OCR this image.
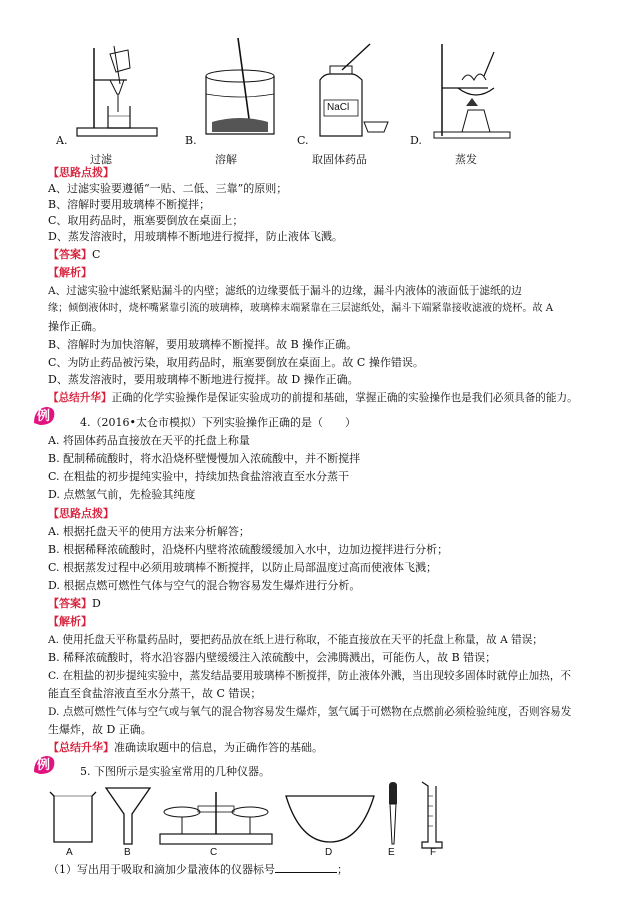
NaCl
A.	B.	C.	D.
过滤	溶解	取固体药品	蒸发
【思路点拨】
A、过滤实验要遵循“一贴、二低、三靠”的原则；
B、溶解时要用玻璃棒不断搅拌；
C、取用药品时，瓶塞要倒放在桌面上；
D、蒸发溶液时，用玻璃棒不断地进行搅拌，防止液体飞溅。
【答案】C
【解析】
A、过滤实验中滤纸紧贴漏斗的内壁；滤纸的边缘要低于漏斗的边缘，漏斗内液体的液面低于滤纸的边
缘；倾倒液体时，烧杯嘴紧靠引流的玻璃棒，玻璃棒末端紧靠在三层滤纸处，漏斗下端紧靠接收滤液的烧杯。故 A
操作正确。
B、溶解时为加快溶解，要用玻璃棒不断搅拌。故 B 操作正确。
C、为防止药品被污染，取用药品时，瓶塞要倒放在桌面上。故 C 操作错误。
D、蒸发溶液时，要用玻璃棒不断地进行搅拌。故 D 操作正确。
【总结升华】正确的化学实验操作是保证实验成功的前提和基础，掌握正确的实验操作也是我们必须具备的能力。
例	4.（2016•太仓市模拟）下列实验操作正确的是（　　）
A. 将固体药品直接放在天平的托盘上称量
B. 配制稀硫酸时，将水沿烧杯壁慢慢加入浓硫酸中，并不断搅拌
C. 在粗盐的初步提纯实验中，持续加热食盐溶液直至水分蒸干
D. 点燃氢气前，先检验其纯度
【思路点拨】
A. 根据托盘天平的使用方法来分析解答；
B. 根据稀释浓硫酸时，沿烧杯内壁将浓硫酸缓缓加入水中，边加边搅拌进行分析；
C. 根据蒸发过程中必须用玻璃棒不断搅拌，以防止局部温度过高而使液体飞溅；
D. 根据点燃可燃性气体与空气的混合物容易发生爆炸进行分析。
【答案】D
【解析】
A. 使用托盘天平称量药品时，要把药品放在纸上进行称取，不能直接放在天平的托盘上称量，故 A 错误；
B. 稀释浓硫酸时，将水沿容器内壁缓缓注入浓硫酸中，会沸腾溅出，可能伤人，故 B 错误；
C. 在粗盐的初步提纯实验中，蒸发结晶要用玻璃棒不断搅拌，防止液体外溅，当出现较多固体时就停止加热，不
能直至食盐溶液直至水分蒸干，故 C 错误；
D. 点燃可燃性气体与空气或与氧气的混合物容易发生爆炸，氢气属于可燃物在点燃前必须检验纯度，否则容易发
生爆炸，故 D 正确。
【总结升华】准确读取题中的信息，为正确作答的基础。
例	5. 下图所示是实验室常用的几种仪器。
A	B	C	D	E	F
（1）写出用于吸取和滴加少量液体的仪器标号	；
